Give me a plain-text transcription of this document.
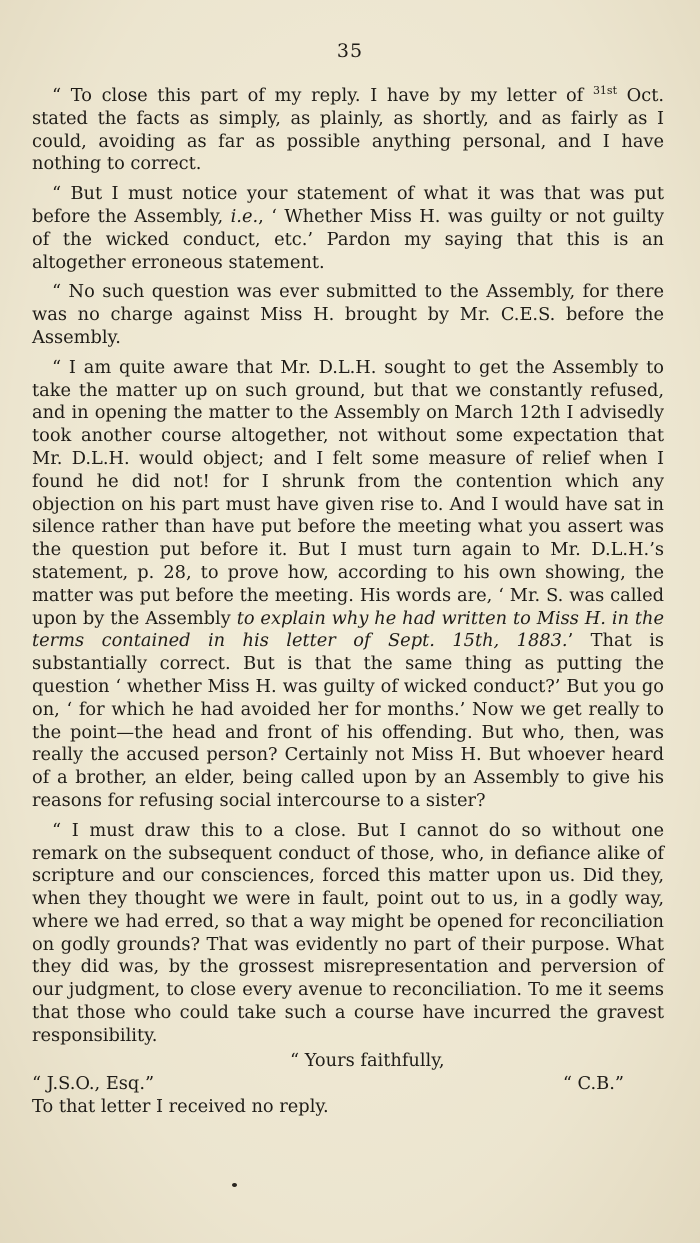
35

“ To close this part of my reply. I have by my letter of $^{31st}$ Oct. stated the facts as simply, as plainly, as shortly, and as fairly as I could, avoiding as far as possible anything personal, and I have nothing to correct.

“ But I must notice your statement of what it was that was put before the Assembly, i.e., ‘ Whether Miss H. was guilty or not guilty of the wicked conduct, etc.’ Pardon my saying that this is an altogether erroneous statement.

“ No such question was ever submitted to the Assembly, for there was no charge against Miss H. brought by Mr. C.E.S. before the Assembly.

“ I am quite aware that Mr. D.L.H. sought to get the Assembly to take the matter up on such ground, but that we constantly refused, and in opening the matter to the Assembly on March 12th I advisedly took another course altogether, not without some expectation that Mr. D.L.H. would object; and I felt some measure of relief when I found he did not! for I shrunk from the contention which any objection on his part must have given rise to. And I would have sat in silence rather than have put before the meeting what you assert was the question put before it. But I must turn again to Mr. D.L.H.’s statement, p. 28, to prove how, according to his own showing, the matter was put before the meeting. His words are, ‘ Mr. S. was called upon by the Assembly to explain why he had written to Miss H. in the terms contained in his letter of Sept. 15th, 1883.’ That is substantially correct. But is that the same thing as putting the question ‘ whether Miss H. was guilty of wicked conduct?’ But you go on, ‘ for which he had avoided her for months.’ Now we get really to the point—the head and front of his offending. But who, then, was really the accused person? Certainly not Miss H. But whoever heard of a brother, an elder, being called upon by an Assembly to give his reasons for refusing social intercourse to a sister?

“ I must draw this to a close. But I cannot do so without one remark on the subsequent conduct of those, who, in defiance alike of scripture and our consciences, forced this matter upon us. Did they, when they thought we were in fault, point out to us, in a godly way, where we had erred, so that a way might be opened for reconciliation on godly grounds? That was evidently no part of their purpose. What they did was, by the grossest misrepresentation and perversion of our judgment, to close every avenue to reconciliation. To me it seems that those who could take such a course have incurred the gravest responsibility.

“ Yours faithfully,
“ J.S.O., Esq.”	“ C.B.”

To that letter I received no reply.
